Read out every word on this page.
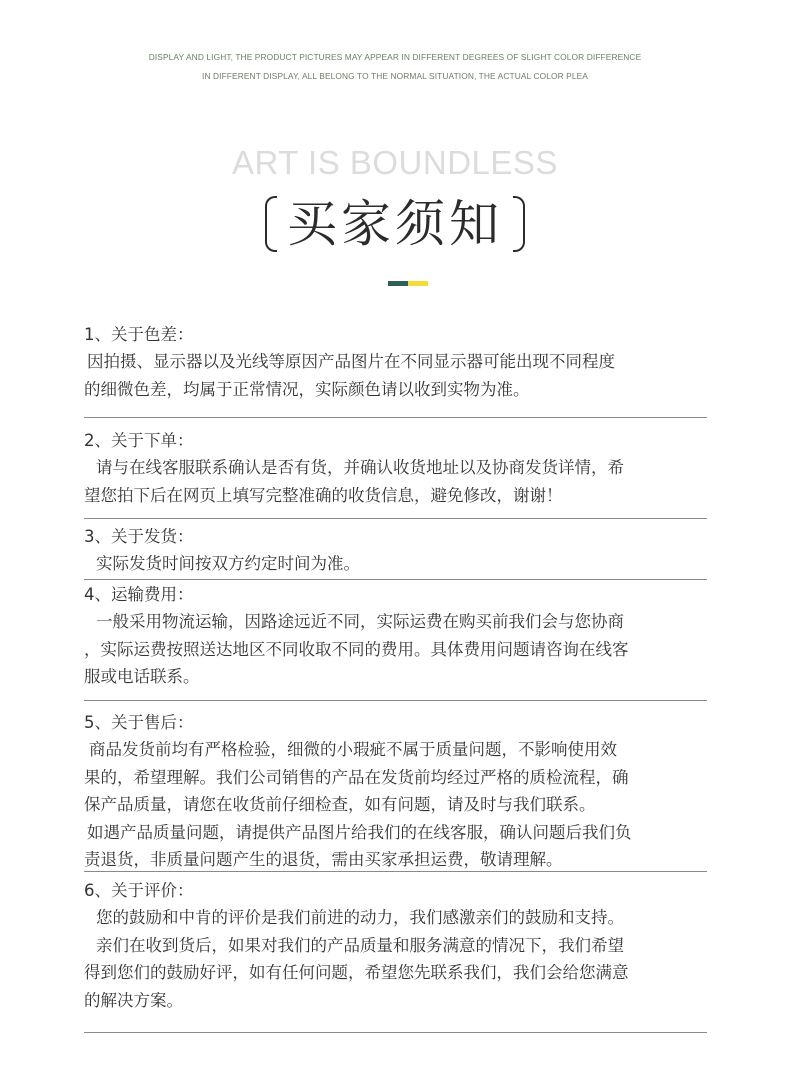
DISPLAY AND LIGHT, THE PRODUCT PICTURES MAY APPEAR IN DIFFERENT DEGREES OF SLIGHT COLOR DIFFERENCE
IN DIFFERENT DISPLAY, ALL BELONG TO THE NORMAL SITUATION, THE ACTUAL COLOR PLEA
ART IS BOUNDLESS
买家须知
1、关于色差：
因拍摄、显示器以及光线等原因产品图片在不同显示器可能出现不同程度
的细微色差，均属于正常情况，实际颜色请以收到实物为准。
2、关于下单：
请与在线客服联系确认是否有货，并确认收货地址以及协商发货详情，希
望您拍下后在网页上填写完整准确的收货信息，避免修改，谢谢！
3、关于发货：
实际发货时间按双方约定时间为准。
4、运输费用：
一般采用物流运输，因路途远近不同，实际运费在购买前我们会与您协商
，实际运费按照送达地区不同收取不同的费用。具体费用问题请咨询在线客
服或电话联系。
5、关于售后：
商品发货前均有严格检验，细微的小瑕疵不属于质量问题，不影响使用效
果的，希望理解。我们公司销售的产品在发货前均经过严格的质检流程，确
保产品质量，请您在收货前仔细检查，如有问题，请及时与我们联系。
如遇产品质量问题，请提供产品图片给我们的在线客服，确认问题后我们负
责退货，非质量问题产生的退货，需由买家承担运费，敬请理解。
6、关于评价：
您的鼓励和中肯的评价是我们前进的动力，我们感激亲们的鼓励和支持。
亲们在收到货后，如果对我们的产品质量和服务满意的情况下，我们希望
得到您们的鼓励好评，如有任何问题，希望您先联系我们，我们会给您满意
的解决方案。
